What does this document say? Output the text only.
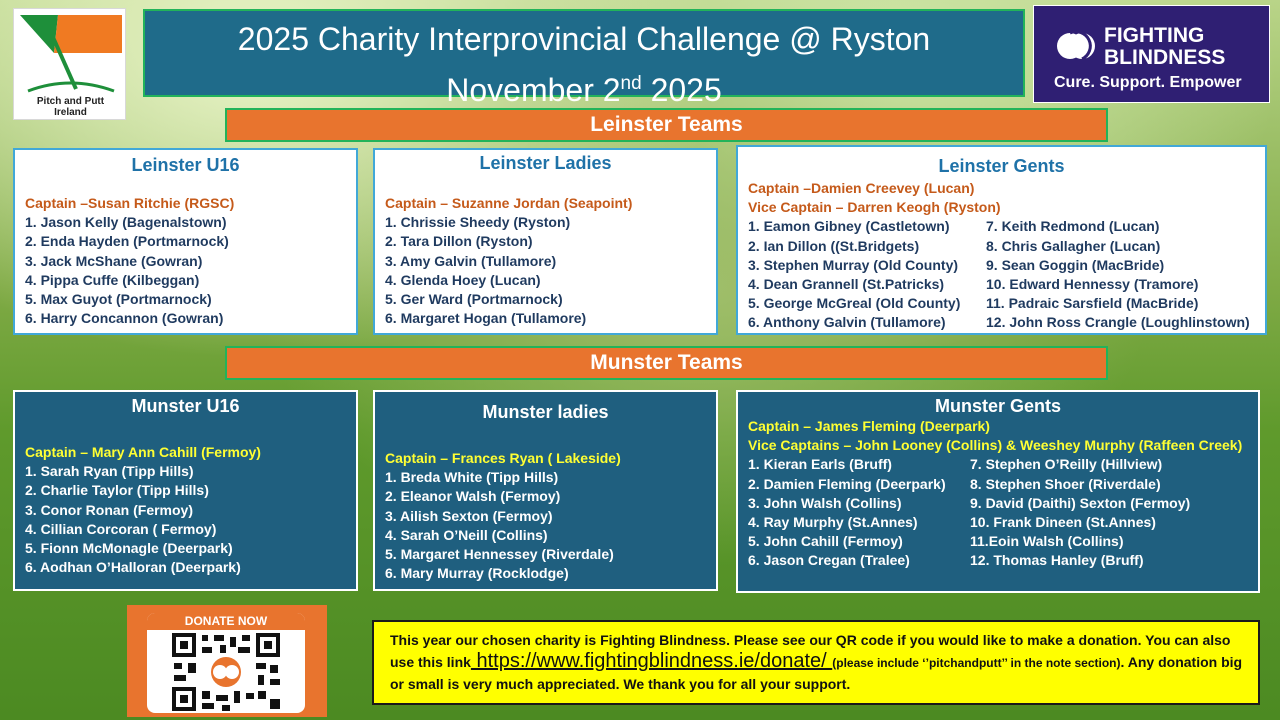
Pitch and Putt
Ireland
2025 Charity Interprovincial Challenge @ Ryston
November 2nd 2025
FIGHTING
BLINDNESS
Cure. Support. Empower
Leinster Teams
Leinster U16
Captain –Susan Ritchie (RGSC)
1. Jason Kelly (Bagenalstown)
2. Enda Hayden (Portmarnock)
3. Jack McShane (Gowran)
4. Pippa Cuffe (Kilbeggan)
5. Max Guyot (Portmarnock)
6. Harry Concannon (Gowran)
Leinster Ladies
Captain – Suzanne Jordan (Seapoint)
1. Chrissie Sheedy (Ryston)
2. Tara Dillon (Ryston)
3. Amy Galvin (Tullamore)
4. Glenda Hoey (Lucan)
5. Ger Ward (Portmarnock)
6. Margaret Hogan (Tullamore)
Leinster Gents
Captain –Damien Creevey (Lucan)
Vice Captain – Darren Keogh (Ryston)
1. Eamon Gibney (Castletown)
2. Ian Dillon ((St.Bridgets)
3. Stephen Murray (Old County)
4. Dean Grannell (St.Patricks)
5. George McGreal (Old County)
6. Anthony Galvin (Tullamore)
7. Keith Redmond (Lucan)
8. Chris Gallagher (Lucan)
9. Sean Goggin (MacBride)
10. Edward Hennessy (Tramore)
11. Padraic Sarsfield (MacBride)
12. John Ross Crangle (Loughlinstown)
Munster Teams
Munster U16
Captain – Mary Ann Cahill (Fermoy)
1. Sarah Ryan (Tipp Hills)
2. Charlie Taylor (Tipp Hills)
3. Conor Ronan (Fermoy)
4. Cillian Corcoran ( Fermoy)
5. Fionn McMonagle (Deerpark)
6. Aodhan O’Halloran (Deerpark)
Munster ladies
Captain – Frances Ryan ( Lakeside)
1. Breda White (Tipp Hills)
2. Eleanor Walsh (Fermoy)
3. Ailish Sexton (Fermoy)
4. Sarah O’Neill (Collins)
5. Margaret Hennessey (Riverdale)
6. Mary Murray (Rocklodge)
Munster Gents
Captain – James Fleming (Deerpark)
Vice Captains – John Looney (Collins) & Weeshey Murphy (Raffeen Creek)
1. Kieran Earls (Bruff)
2. Damien Fleming (Deerpark)
3. John Walsh (Collins)
4. Ray Murphy (St.Annes)
5. John Cahill (Fermoy)
6. Jason Cregan (Tralee)
7. Stephen O’Reilly (Hillview)
8. Stephen Shoer (Riverdale)
9. David (Daithi) Sexton (Fermoy)
10. Frank Dineen (St.Annes)
11.Eoin Walsh (Collins)
12. Thomas Hanley (Bruff)
DONATE NOW
This year our chosen charity is Fighting Blindness. Please see our QR code if you would like to make a donation. You can also use this link https://www.fightingblindness.ie/donate/ (please include ‘’pitchandputt’’ in the note section). Any donation big or small is very much appreciated. We thank you for all your support.
